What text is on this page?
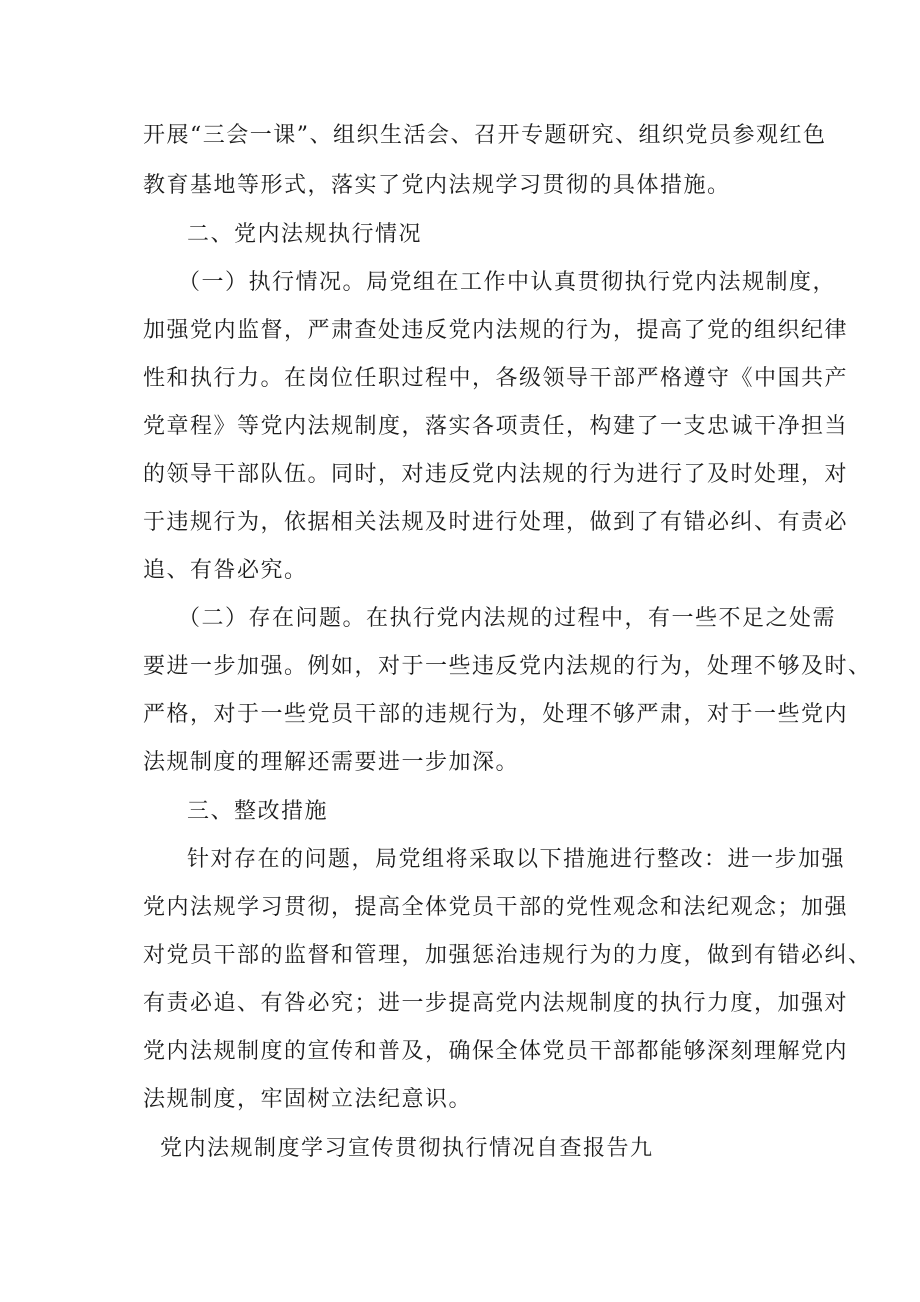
开展“三会一课”、组织生活会、召开专题研究、组织党员参观红色
教育基地等形式，落实了党内法规学习贯彻的具体措施。
二、党内法规执行情况
（一）执行情况。局党组在工作中认真贯彻执行党内法规制度，
加强党内监督，严肃查处违反党内法规的行为，提高了党的组织纪律
性和执行力。在岗位任职过程中，各级领导干部严格遵守《中国共产
党章程》等党内法规制度，落实各项责任，构建了一支忠诚干净担当
的领导干部队伍。同时，对违反党内法规的行为进行了及时处理，对
于违规行为，依据相关法规及时进行处理，做到了有错必纠、有责必
追、有咎必究。
（二）存在问题。在执行党内法规的过程中，有一些不足之处需
要进一步加强。例如，对于一些违反党内法规的行为，处理不够及时、
严格，对于一些党员干部的违规行为，处理不够严肃，对于一些党内
法规制度的理解还需要进一步加深。
三、整改措施
针对存在的问题，局党组将采取以下措施进行整改：进一步加强
党内法规学习贯彻，提高全体党员干部的党性观念和法纪观念；加强
对党员干部的监督和管理，加强惩治违规行为的力度，做到有错必纠、
有责必追、有咎必究；进一步提高党内法规制度的执行力度，加强对
党内法规制度的宣传和普及，确保全体党员干部都能够深刻理解党内
法规制度，牢固树立法纪意识。
党内法规制度学习宣传贯彻执行情况自查报告九
